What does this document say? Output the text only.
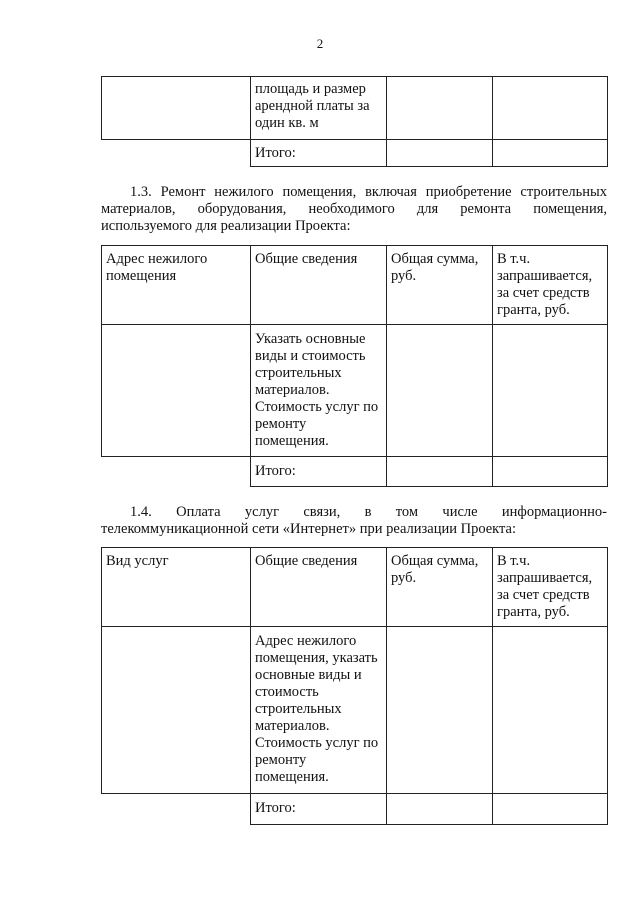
2
	площадь и размер арендной платы за один кв. м		
	Итого:		
1.3. Ремонт нежилого помещения, включая приобретение строительных
материалов, оборудования, необходимого для ремонта помещения,
используемого для реализации Проекта:
Адрес нежилого помещения	Общие сведения	Общая сумма, руб.	В т.ч. запрашивается, за счет средств гранта, руб.
	Указать основные виды и стоимость строительных материалов. Стоимость услуг по ремонту помещения.		
	Итого:		
1.4. Оплата услуг связи, в том числе информационно-
телекоммуникационной сети «Интернет» при реализации Проекта:
Вид услуг	Общие сведения	Общая сумма, руб.	В т.ч. запрашивается, за счет средств гранта, руб.
	Адрес нежилого помещения, указать основные виды и стоимость строительных материалов. Стоимость услуг по ремонту помещения.		
	Итого:		
